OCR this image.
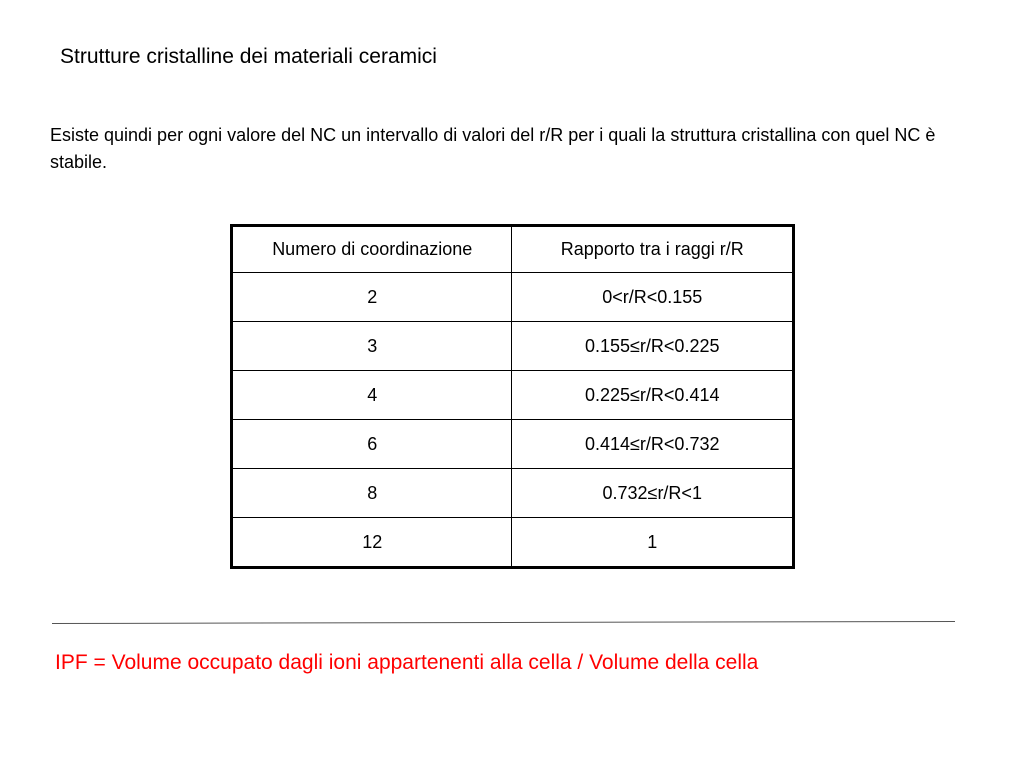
Strutture cristalline dei materiali ceramici
Esiste quindi per ogni valore del NC un intervallo di valori del r/R per i quali la struttura cristallina con quel NC è stabile.
Numero di coordinazione	Rapporto tra i raggi r/R
2	0<r/R<0.155
3	0.155≤r/R<0.225
4	0.225≤r/R<0.414
6	0.414≤r/R<0.732
8	0.732≤r/R<1
12	1
IPF = Volume occupato dagli ioni appartenenti alla cella / Volume della cella
